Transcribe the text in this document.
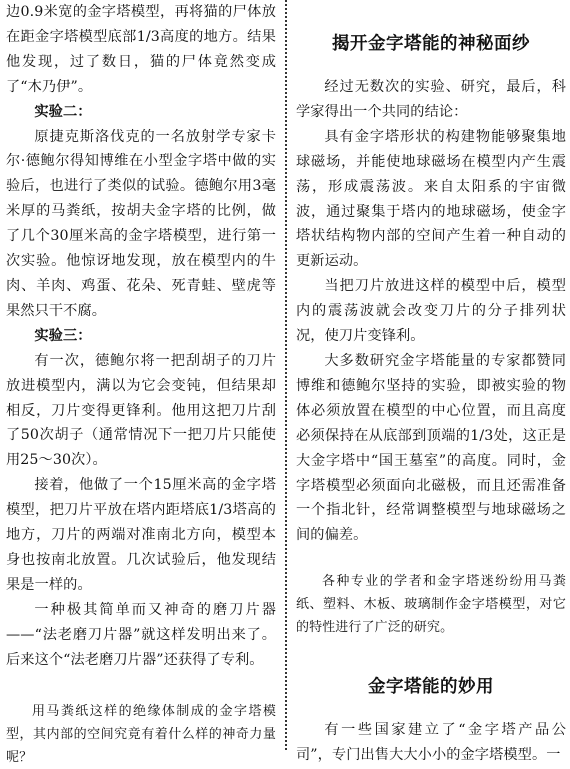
边0.9米宽的金字塔模型，再将猫的尸体放在距金字塔模型底部1/3高度的地方。结果他发现，过了数日，猫的尸体竟然变成了“木乃伊”。

实验二：

原捷克斯洛伐克的一名放射学专家卡尔·德鲍尔得知博维在小型金字塔中做的实验后，也进行了类似的试验。德鲍尔用3毫米厚的马粪纸，按胡夫金字塔的比例，做了几个30厘米高的金字塔模型，进行第一次实验。他惊讶地发现，放在模型内的牛肉、羊肉、鸡蛋、花朵、死青蛙、壁虎等果然只干不腐。

实验三：

有一次，德鲍尔将一把刮胡子的刀片放进模型内，满以为它会变钝，但结果却相反，刀片变得更锋利。他用这把刀片刮了50次胡子（通常情况下一把刀片只能使用25～30次）。

接着，他做了一个15厘米高的金字塔模型，把刀片平放在塔内距塔底1/3塔高的地方，刀片的两端对准南北方向，模型本身也按南北放置。几次试验后，他发现结果是一样的。

一种极其简单而又神奇的磨刀片器——“法老磨刀片器”就这样发明出来了。后来这个“法老磨刀片器”还获得了专利。

用马粪纸这样的绝缘体制成的金字塔模型，其内部的空间究竟有着什么样的神奇力量呢？

揭开金字塔能的神秘面纱

经过无数次的实验、研究，最后，科学家得出一个共同的结论：

具有金字塔形状的构建物能够聚集地球磁场，并能使地球磁场在模型内产生震荡，形成震荡波。来自太阳系的宇宙微波，通过聚集于塔内的地球磁场，使金字塔状结构物内部的空间产生着一种自动的更新运动。

当把刀片放进这样的模型中后，模型内的震荡波就会改变刀片的分子排列状况，使刀片变锋利。

大多数研究金字塔能量的专家都赞同博维和德鲍尔坚持的实验，即被实验的物体必须放置在模型的中心位置，而且高度必须保持在从底部到顶端的1/3处，这正是大金字塔中“国王墓室”的高度。同时，金字塔模型必须面向北磁极，而且还需准备一个指北针，经常调整模型与地球磁场之间的偏差。

各种专业的学者和金字塔迷纷纷用马粪纸、塑料、木板、玻璃制作金字塔模型，对它的特性进行了广泛的研究。

金字塔能的妙用

有一些国家建立了“金字塔产品公司”，专门出售大大小小的金字塔模型。一
